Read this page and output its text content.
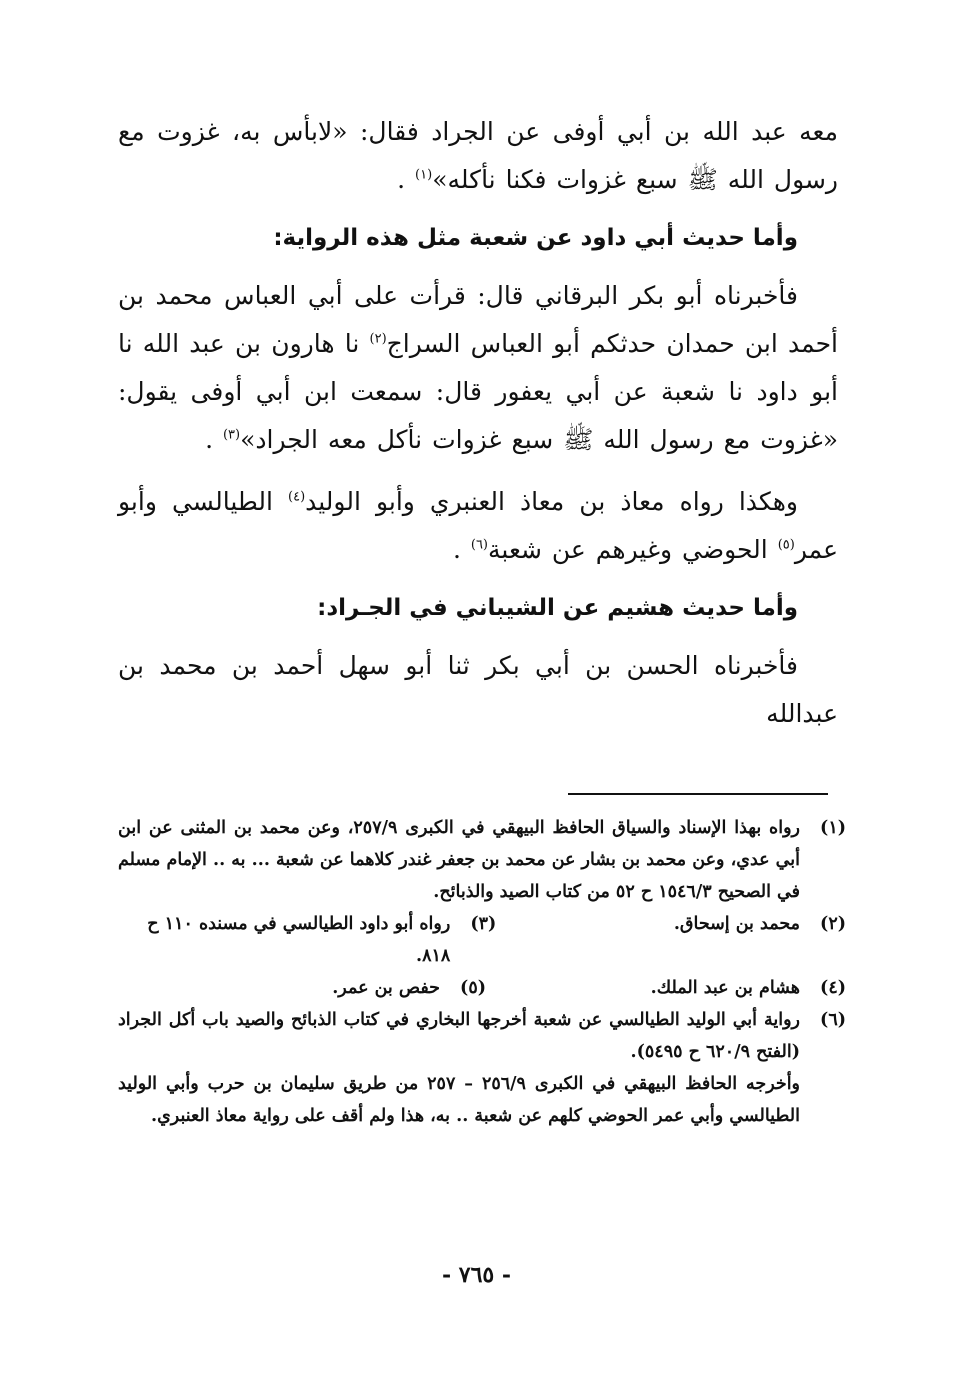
معه عبد الله بن أبي أوفى عن الجراد فقال: «لابأس به، غزوت مع رسول الله ﷺ سبع غزوات فكنا نأكله»$^{(١)}$ .

وأما حديث أبي داود عن شعبة مثل هذه الرواية:

فأخبرناه أبو بكر البرقاني قال: قرأت على أبي العباس محمد بن أحمد ابن حمدان حدثكم أبو العباس السراج$^{(٢)}$ نا هارون بن عبد الله نا أبو داود نا شعبة عن أبي يعفور قال: سمعت ابن أبي أوفى يقول: «غزوت مع رسول الله ﷺ سبع غزوات نأكل معه الجراد»$^{(٣)}$ .

وهكذا رواه معاذ بن معاذ العنبري وأبو الوليد$^{(٤)}$ الطيالسي وأبو عمر$^{(٥)}$ الحوضي وغيرهم عن شعبة$^{(٦)}$ .

وأما حديث هشيم عن الشيباني في الجـراد:

فأخبرناه الحسن بن أبي بكر ثنا أبو سهل أحمد بن محمد بن عبدالله

(١)
رواه بهذا الإسناد والسياق الحافظ البيهقي في الكبرى ٢٥٧/٩، وعن محمد بن المثنى عن ابن أبي عدي، وعن محمد بن بشار عن محمد بن جعفر غندر كلاهما عن شعبة ... به .. الإمام مسلم في الصحيح ١٥٤٦/٣ ح ٥٢ من كتاب الصيد والذبائح.
(٢)
محمد بن إسحاق.
(٣)
رواه أبو داود الطيالسي في مسنده ١١٠ ح ٨١٨.
(٤)
هشام بن عبد الملك.
(٥)
حفص بن عمر.
(٦)
رواية أبي الوليد الطيالسي عن شعبة أخرجها البخاري في كتاب الذبائح والصيد باب أكل الجراد (الفتح ٦٢٠/٩ ح ٥٤٩٥).
وأخرجه الحافظ البيهقي في الكبرى ٢٥٦/٩ – ٢٥٧ من طريق سليمان بن حرب وأبي الوليد الطيالسي وأبي عمر الحوضي كلهم عن شعبة .. به، هذا ولم أقف على رواية معاذ العنبري.
- ٧٦٥ -
